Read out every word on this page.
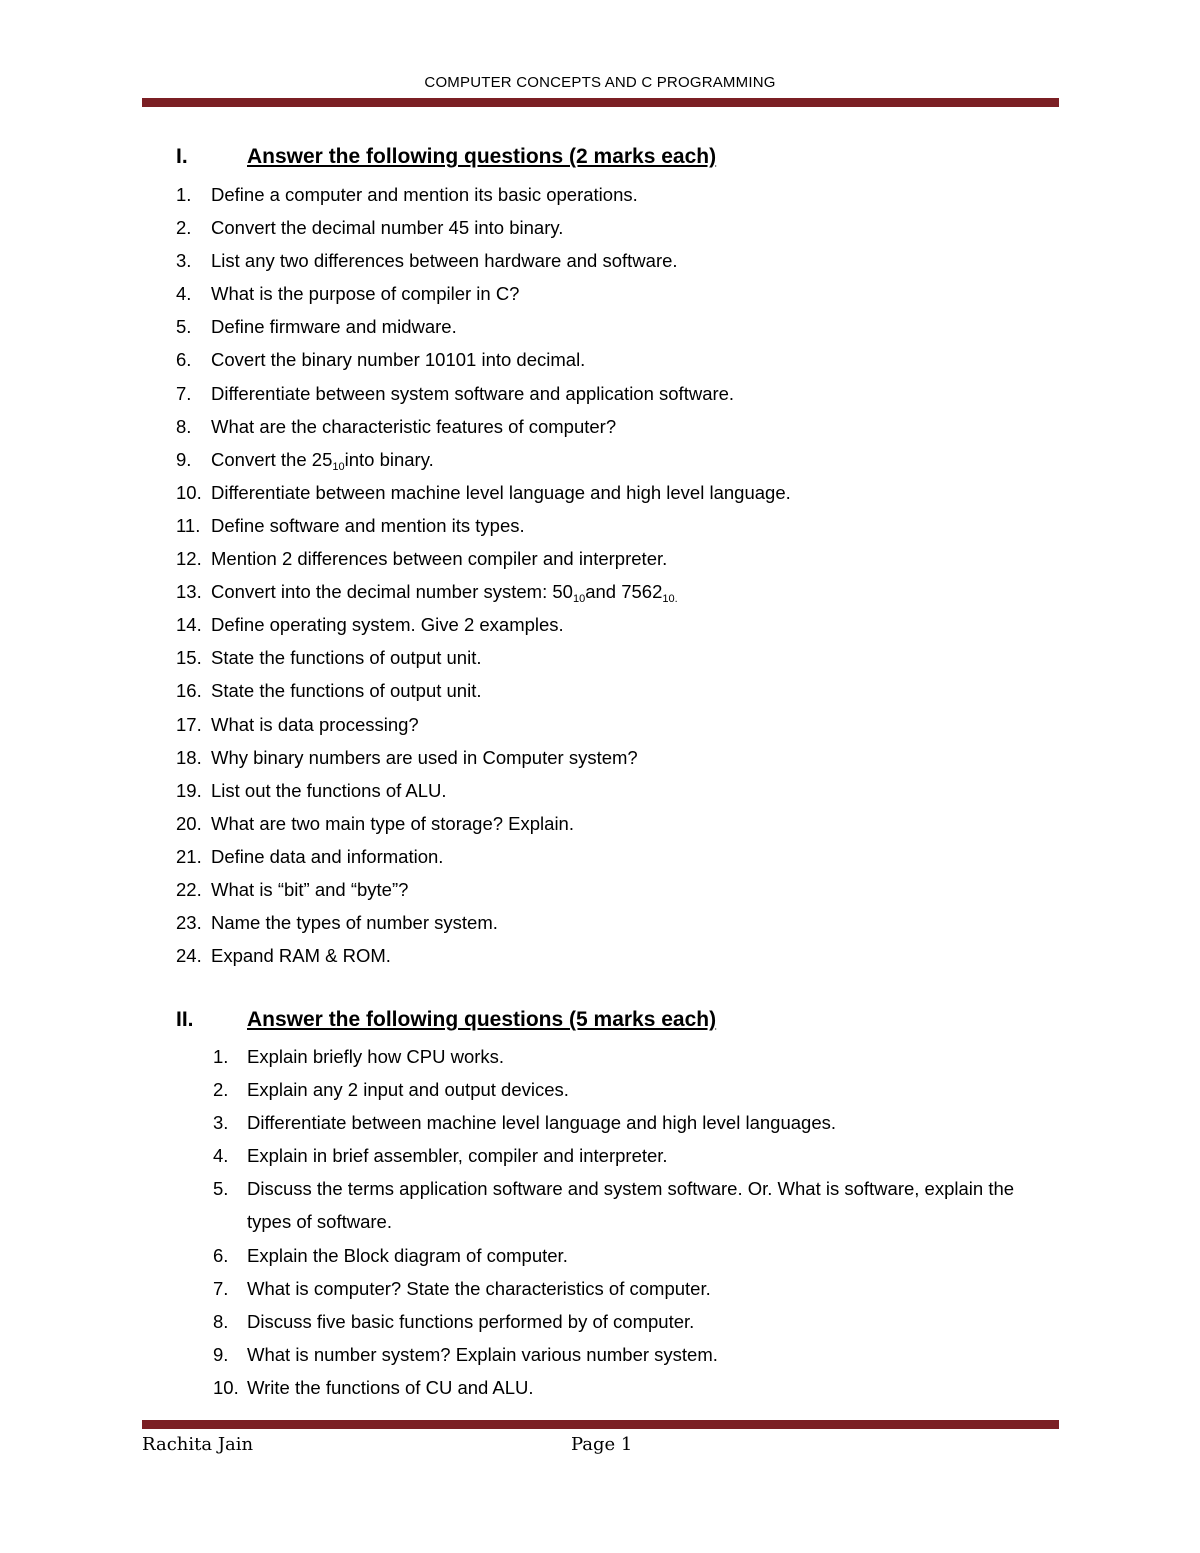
COMPUTER CONCEPTS AND C PROGRAMMING
I.	Answer the following questions (2 marks each)
1. Define a computer and mention its basic operations.

2. Convert the decimal number 45 into binary.

3. List any two differences between hardware and software.

4. What is the purpose of compiler in C?

5. Define firmware and midware.

6. Covert the binary number 10101 into decimal.

7. Differentiate between system software and application software.

8. What are the characteristic features of computer?

9. Convert the $25_{10}into$ binary.

10. Differentiate between machine level language and high level language.

11. Define software and mention its types.

12. Mention 2 differences between compiler and interpreter.

13. Convert into the decimal number system: $50_{10}and$ $7562_{10.}$

14. Define operating system. Give 2 examples.

15. State the functions of output unit.

16. State the functions of output unit.

17. What is data processing?

18. Why binary numbers are used in Computer system?

19. List out the functions of ALU.

20. What are two main type of storage? Explain.

21. Define data and information.

22. What is “bit” and “byte”?

23. Name the types of number system.

24. Expand RAM & ROM.

II.	Answer the following questions (5 marks each)
1. Explain briefly how CPU works.

2. Explain any 2 input and output devices.

3. Differentiate between machine level language and high level languages.

4. Explain in brief assembler, compiler and interpreter.

5. Discuss the terms application software and system software. Or. What is software, explain the types of software.
6. Explain the Block diagram of computer.

7. What is computer? State the characteristics of computer.

8. Discuss five basic functions performed by of computer.

9. What is number system? Explain various number system.

10. Write the functions of CU and ALU.

Rachita Jain	Page 1
